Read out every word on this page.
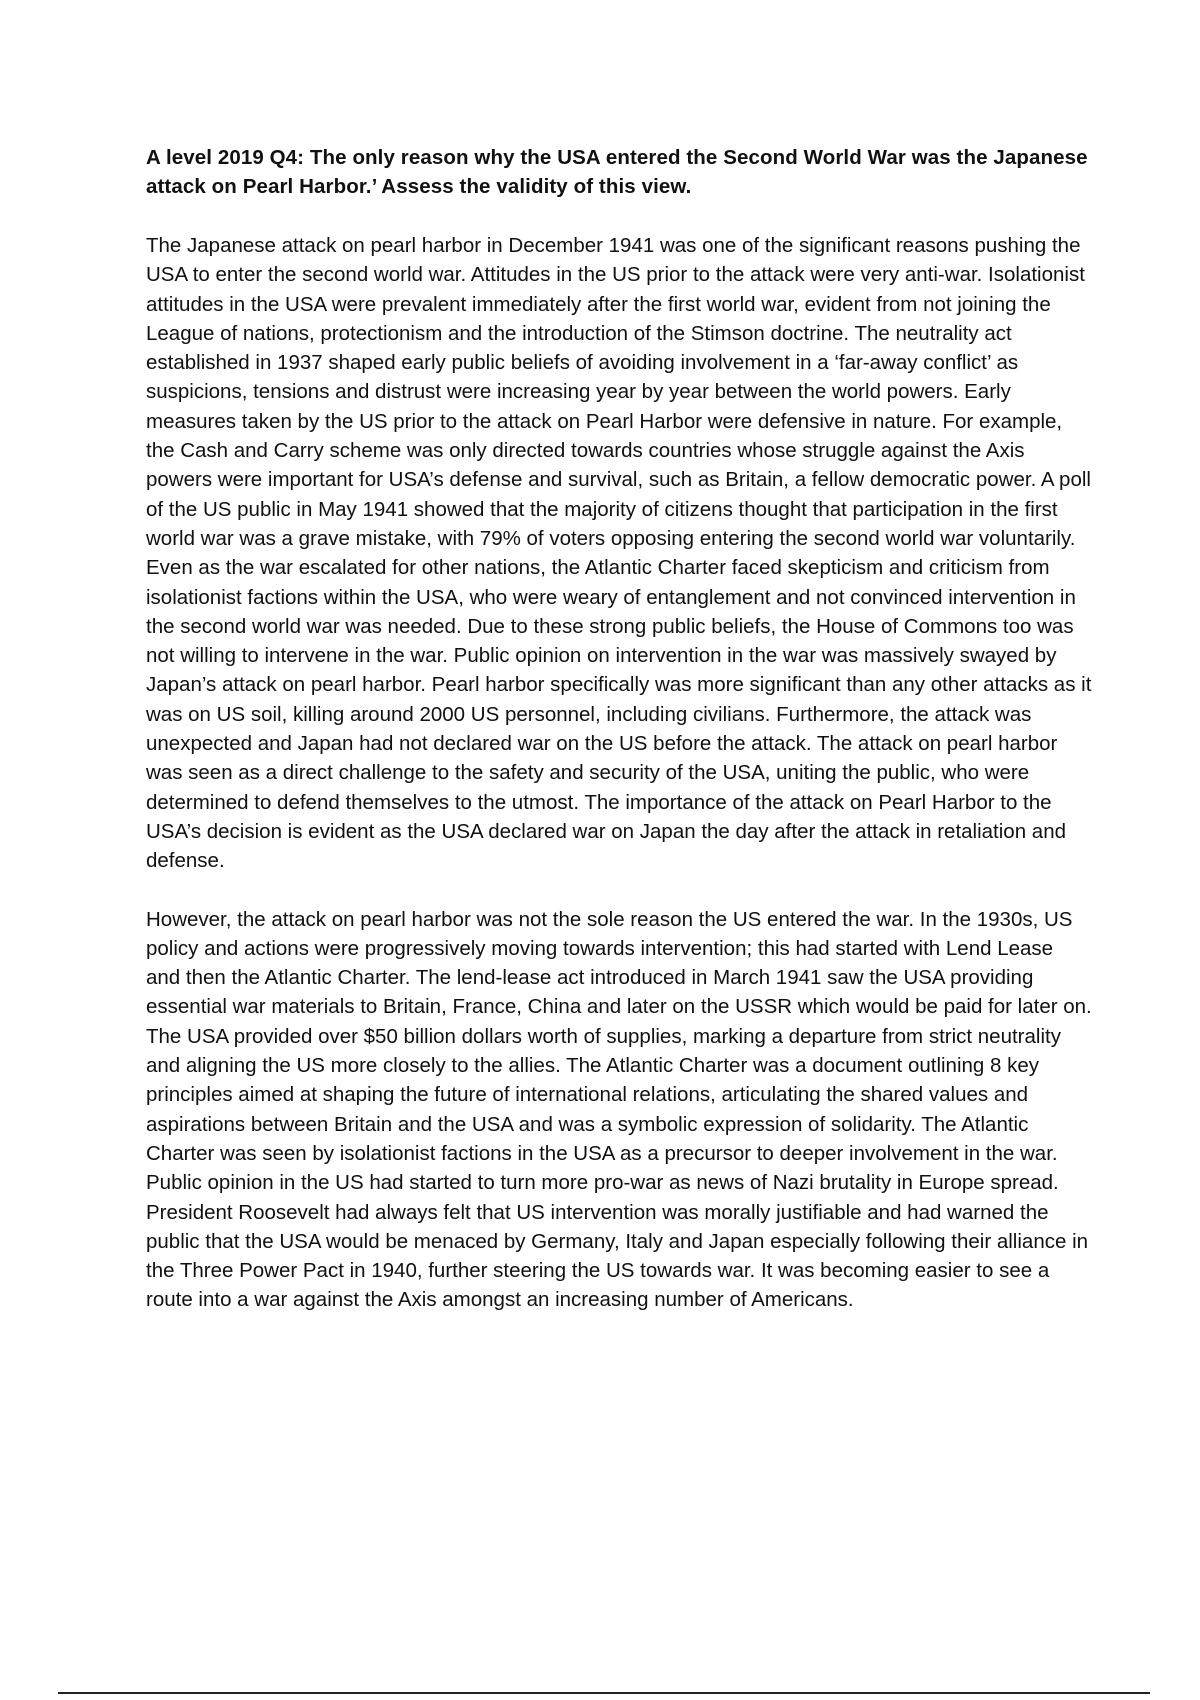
A level 2019 Q4: The only reason why the USA entered the Second World War was the Japanese attack on Pearl Harbor.’ Assess the validity of this view.

The Japanese attack on pearl harbor in December 1941 was one of the significant reasons pushing the USA to enter the second world war. Attitudes in the US prior to the attack were very anti-war. Isolationist attitudes in the USA were prevalent immediately after the first world war, evident from not joining the League of nations, protectionism and the introduction of the Stimson doctrine. The neutrality act established in 1937 shaped early public beliefs of avoiding involvement in a ‘far-away conflict’ as suspicions, tensions and distrust were increasing year by year between the world powers. Early measures taken by the US prior to the attack on Pearl Harbor were defensive in nature. For example, the Cash and Carry scheme was only directed towards countries whose struggle against the Axis powers were important for USA’s defense and survival, such as Britain, a fellow democratic power. A poll of the US public in May 1941 showed that the majority of citizens thought that participation in the first world war was a grave mistake, with 79% of voters opposing entering the second world war voluntarily. Even as the war escalated for other nations, the Atlantic Charter faced skepticism and criticism from isolationist factions within the USA, who were weary of entanglement and not convinced intervention in the second world war was needed. Due to these strong public beliefs, the House of Commons too was not willing to intervene in the war. Public opinion on intervention in the war was massively swayed by Japan’s attack on pearl harbor. Pearl harbor specifically was more significant than any other attacks as it was on US soil, killing around 2000 US personnel, including civilians. Furthermore, the attack was unexpected and Japan had not declared war on the US before the attack. The attack on pearl harbor was seen as a direct challenge to the safety and security of the USA, uniting the public, who were determined to defend themselves to the utmost. The importance of the attack on Pearl Harbor to the USA’s decision is evident as the USA declared war on Japan the day after the attack in retaliation and defense.

However, the attack on pearl harbor was not the sole reason the US entered the war. In the 1930s, US policy and actions were progressively moving towards intervention; this had started with Lend Lease and then the Atlantic Charter. The lend-lease act introduced in March 1941 saw the USA providing essential war materials to Britain, France, China and later on the USSR which would be paid for later on. The USA provided over $50 billion dollars worth of supplies, marking a departure from strict neutrality and aligning the US more closely to the allies. The Atlantic Charter was a document outlining 8 key principles aimed at shaping the future of international relations, articulating the shared values and aspirations between Britain and the USA and was a symbolic expression of solidarity. The Atlantic Charter was seen by isolationist factions in the USA as a precursor to deeper involvement in the war. Public opinion in the US had started to turn more pro-war as news of Nazi brutality in Europe spread. President Roosevelt had always felt that US intervention was morally justifiable and had warned the public that the USA would be menaced by Germany, Italy and Japan especially following their alliance in the Three Power Pact in 1940, further steering the US towards war. It was becoming easier to see a route into a war against the Axis amongst an increasing number of Americans.
